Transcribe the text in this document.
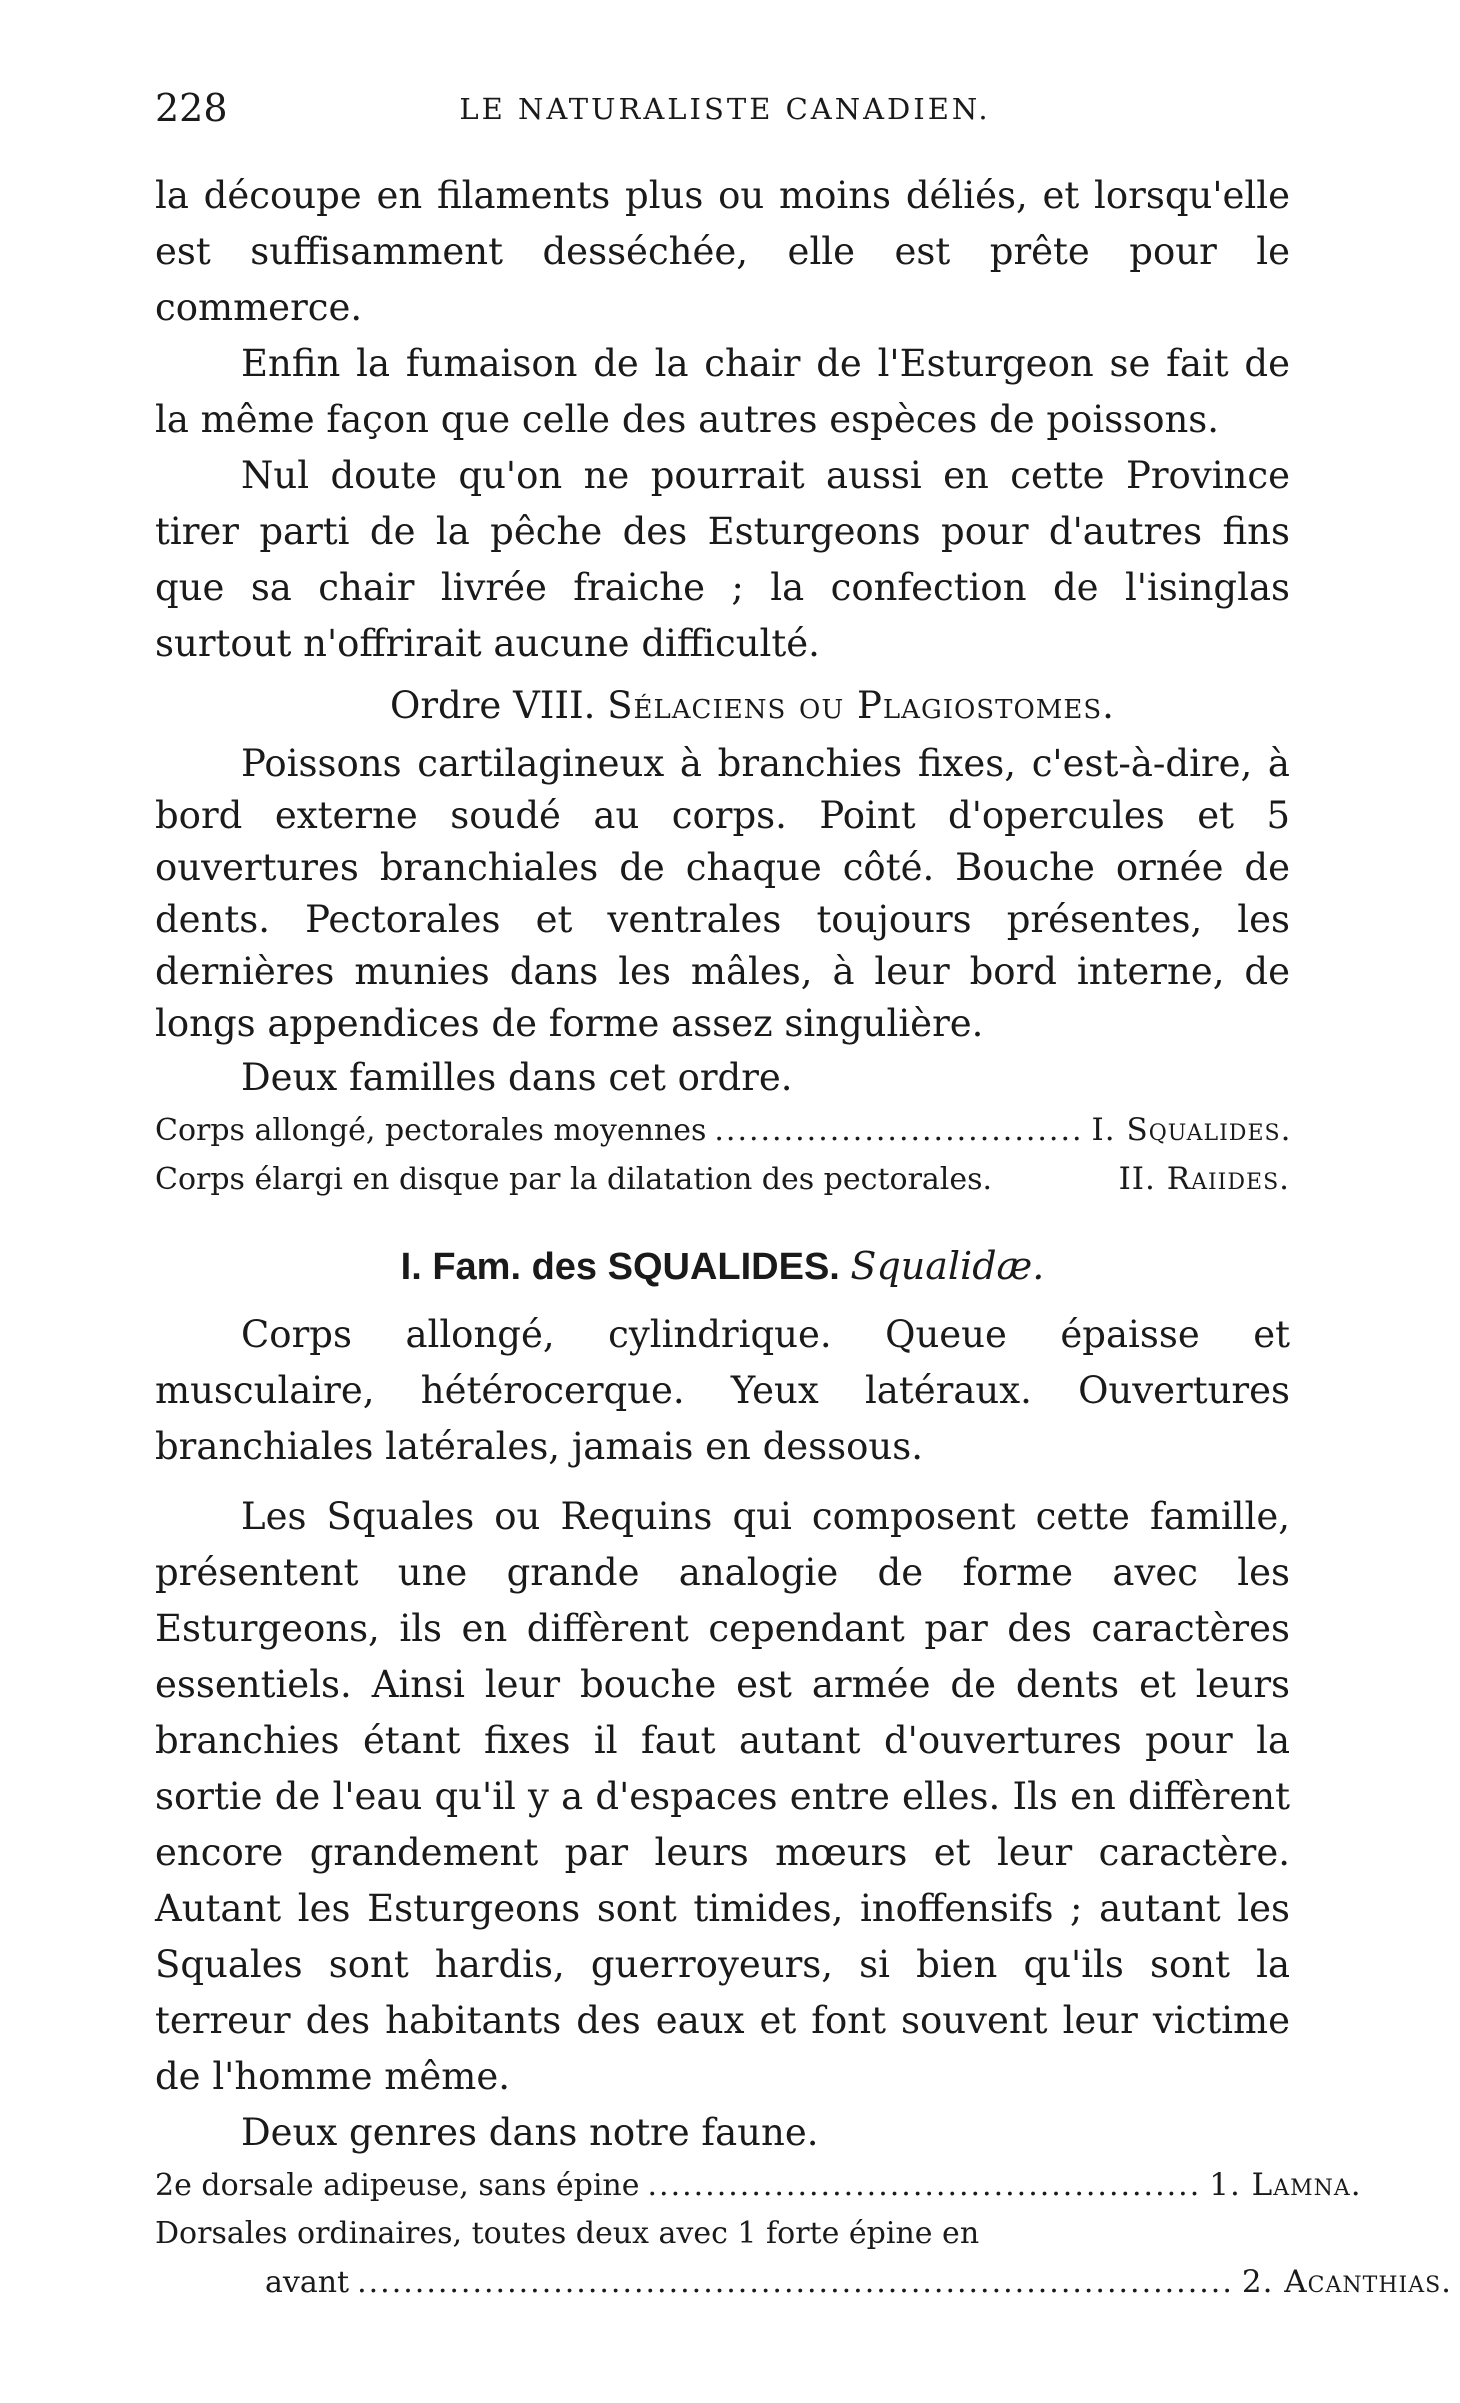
228	LE NATURALISTE CANADIEN.

la découpe en filaments plus ou moins déliés, et lorsqu'elle est suffisamment desséchée, elle est prête pour le commerce.

Enfin la fumaison de la chair de l'Esturgeon se fait de la même façon que celle des autres espèces de poissons.

Nul doute qu'on ne pourrait aussi en cette Province tirer parti de la pêche des Esturgeons pour d'autres fins que sa chair livrée fraiche ; la confection de l'isinglas surtout n'offrirait aucune difficulté.

Ordre VIII. Sélaciens ou Plagiostomes.

Poissons cartilagineux à branchies fixes, c'est-à-dire, à bord externe soudé au corps. Point d'opercules et 5 ouvertures branchiales de chaque côté. Bouche ornée de dents. Pectorales et ventrales toujours présentes, les dernières munies dans les mâles, à leur bord interne, de longs appendices de forme assez singulière.

Deux familles dans cet ordre.

Corps allongé, pectorales moyennes ................................ I. Squalides.
Corps élargi en disque par la dilatation des pectorales.	II. Raiides.

I. Fam. des SQUALIDES. Squalidæ.

Corps allongé, cylindrique. Queue épaisse et musculaire, hétérocerque. Yeux latéraux. Ouvertures branchiales latérales, jamais en dessous.

Les Squales ou Requins qui composent cette famille, présentent une grande analogie de forme avec les Esturgeons, ils en diffèrent cependant par des caractères essentiels. Ainsi leur bouche est armée de dents et leurs branchies étant fixes il faut autant d'ouvertures pour la sortie de l'eau qu'il y a d'espaces entre elles. Ils en diffèrent encore grandement par leurs mœurs et leur caractère. Autant les Esturgeons sont timides, inoffensifs ; autant les Squales sont hardis, guerroyeurs, si bien qu'ils sont la terreur des habitants des eaux et font souvent leur victime de l'homme même.

Deux genres dans notre faune.

2e dorsale adipeuse, sans épine ................................................ 1. Lamna.
Dorsales ordinaires, toutes deux avec 1 forte épine en
avant ............................................................................ 2. Acanthias.
